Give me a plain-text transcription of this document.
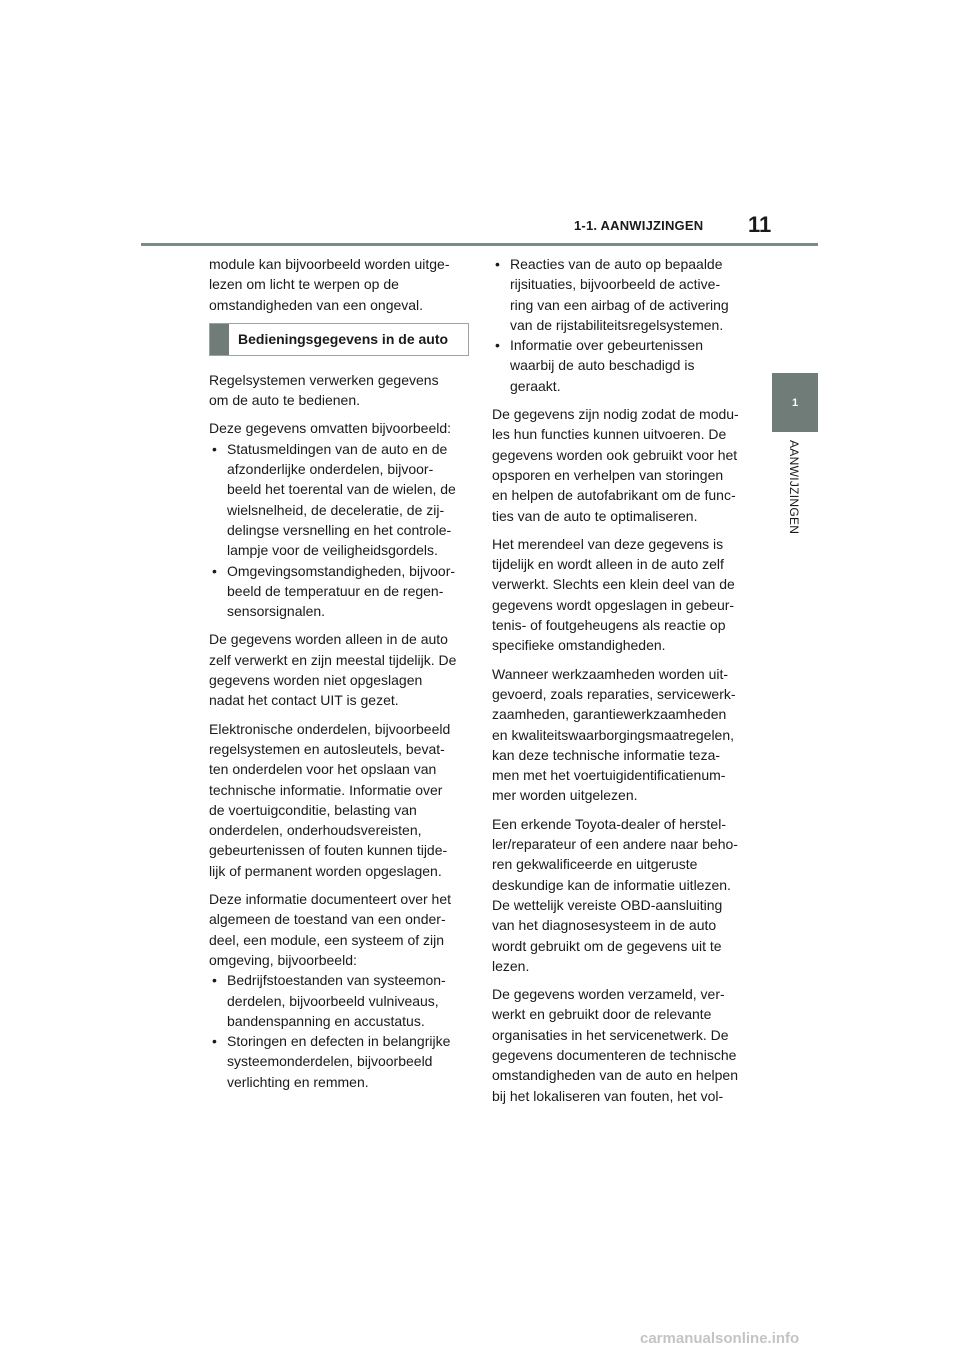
1-1. AANWIJZINGEN 11
1
AANWIJZINGEN

module kan bijvoorbeeld worden uitge-
lezen om licht te werpen op de
omstandigheden van een ongeval.

Bedieningsgegevens in de auto

Regelsystemen verwerken gegevens
om de auto te bedienen.

Deze gegevens omvatten bijvoorbeeld:

• Statusmeldingen van de auto en de
afzonderlijke onderdelen, bijvoor-
beeld het toerental van de wielen, de
wielsnelheid, de deceleratie, de zij-
delingse versnelling en het controle-
lampje voor de veiligheidsgordels.
• Omgevingsomstandigheden, bijvoor-
beeld de temperatuur en de regen-
sensorsignalen.

De gegevens worden alleen in de auto
zelf verwerkt en zijn meestal tijdelijk. De
gegevens worden niet opgeslagen
nadat het contact UIT is gezet.

Elektronische onderdelen, bijvoorbeeld
regelsystemen en autosleutels, bevat-
ten onderdelen voor het opslaan van
technische informatie. Informatie over
de voertuigconditie, belasting van
onderdelen, onderhoudsvereisten,
gebeurtenissen of fouten kunnen tijde-
lijk of permanent worden opgeslagen.

Deze informatie documenteert over het
algemeen de toestand van een onder-
deel, een module, een systeem of zijn
omgeving, bijvoorbeeld:

• Bedrijfstoestanden van systeemon-
derdelen, bijvoorbeeld vulniveaus,
bandenspanning en accustatus.
• Storingen en defecten in belangrijke
systeemonderdelen, bijvoorbeeld
verlichting en remmen.
• Reacties van de auto op bepaalde
rijsituaties, bijvoorbeeld de active-
ring van een airbag of de activering
van de rijstabiliteitsregelsystemen.
• Informatie over gebeurtenissen
waarbij de auto beschadigd is
geraakt.

De gegevens zijn nodig zodat de modu-
les hun functies kunnen uitvoeren. De
gegevens worden ook gebruikt voor het
opsporen en verhelpen van storingen
en helpen de autofabrikant om de func-
ties van de auto te optimaliseren.

Het merendeel van deze gegevens is
tijdelijk en wordt alleen in de auto zelf
verwerkt. Slechts een klein deel van de
gegevens wordt opgeslagen in gebeur-
tenis- of foutgeheugens als reactie op
specifieke omstandigheden.

Wanneer werkzaamheden worden uit-
gevoerd, zoals reparaties, servicewerk-
zaamheden, garantiewerkzaamheden
en kwaliteitswaarborgingsmaatregelen,
kan deze technische informatie teza-
men met het voertuigidentificatienum-
mer worden uitgelezen.

Een erkende Toyota-dealer of herstel-
ler/reparateur of een andere naar beho-
ren gekwalificeerde en uitgeruste
deskundige kan de informatie uitlezen.
De wettelijk vereiste OBD-aansluiting
van het diagnosesysteem in de auto
wordt gebruikt om de gegevens uit te
lezen.

De gegevens worden verzameld, ver-
werkt en gebruikt door de relevante
organisaties in het servicenetwerk. De
gegevens documenteren de technische
omstandigheden van de auto en helpen
bij het lokaliseren van fouten, het vol-

carmanualsonline.info
